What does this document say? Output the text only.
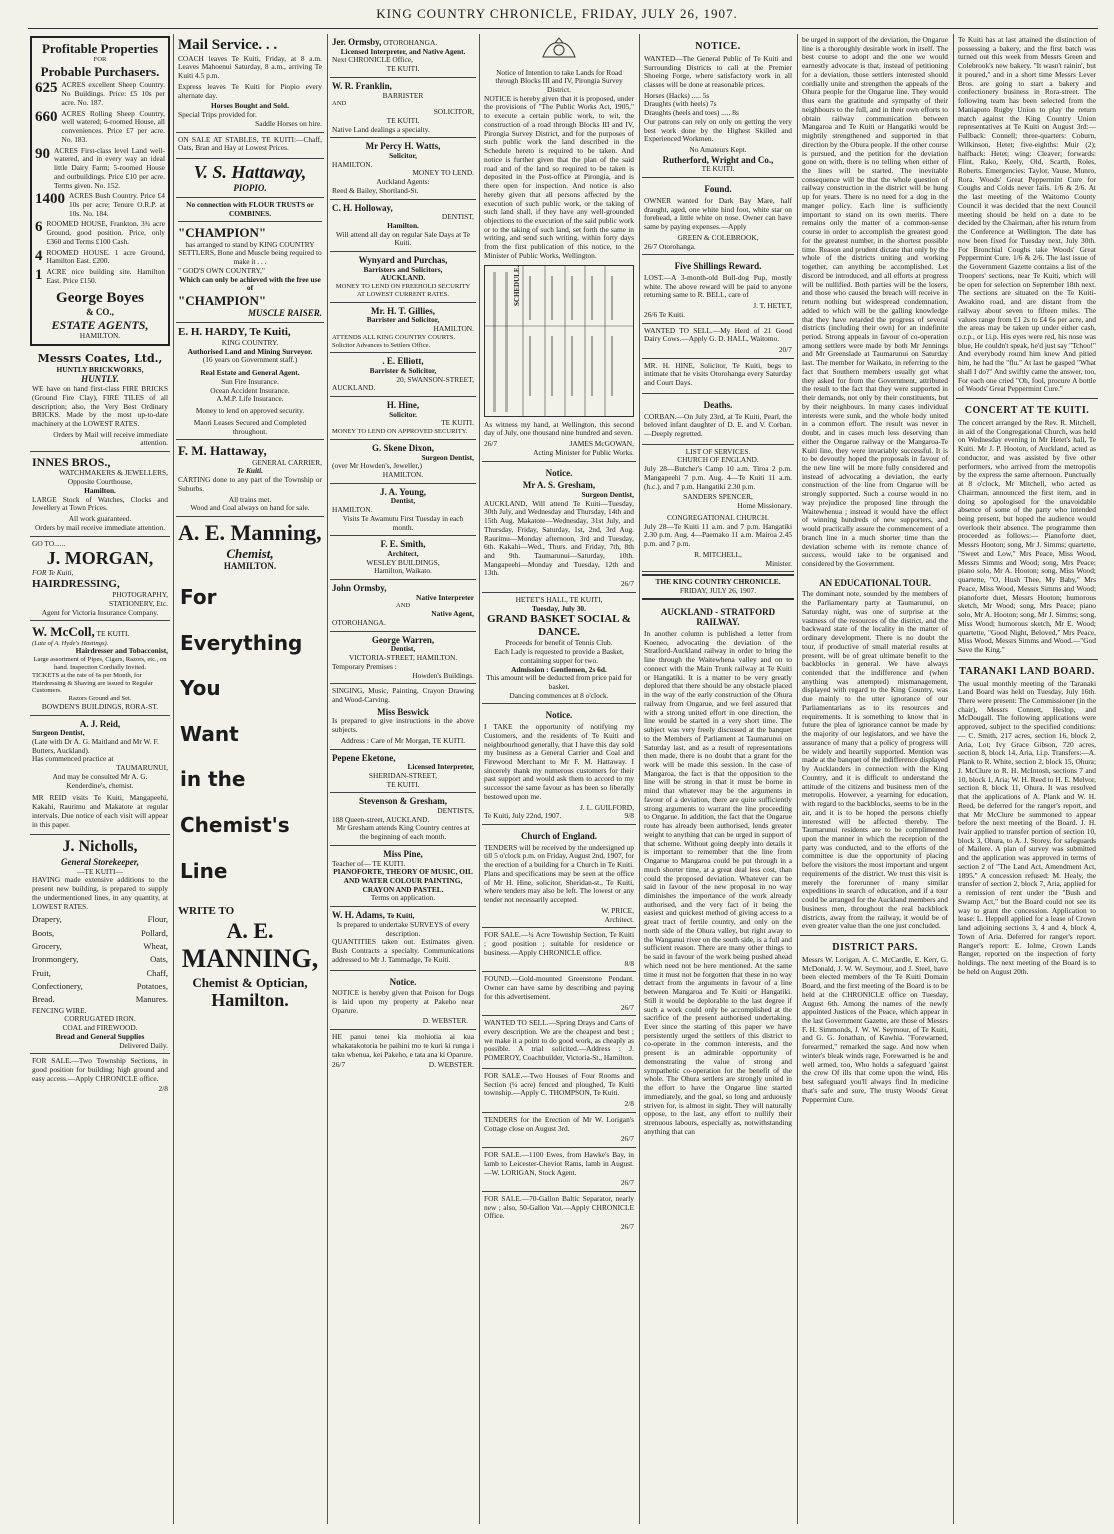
KING COUNTRY CHRONICLE, FRIDAY, JULY 26, 1907.
Profitable Properties
FOR
Probable Purchasers.
625 ACRES excellent Sheep Country. No Buildings. Price: £5 10s per acre. No. 187.
660 ACRES Rolling Sheep Country, well watered; 6-roomed House, all conveniences. Price £7 per acre. No. 183.
90 ACRES First-class level Land well-watered, and in every way an ideal little Dairy Farm; 5-roomed House and outbuildings. Price £10 per acre. Terms given. No. 152.
1400 ACRES Bush Country. Price £4 10s per acre; Tenure O.R.P. at 10s. No. 184.
6 ROOMED HOUSE, Frankton. 3¾ acre Ground, good position. Price, only £360 and Terms £100 Cash.
4 ROOMED HOUSE. 1 acre Ground, Hamilton East. £200.
1 ACRE nice building site. Hamilton East. Price £150.
George Boyes
& CO.,
ESTATE AGENTS,
HAMILTON.
Messrs Coates, Ltd.,
HUNTLY BRICKWORKS,
HUNTLY.
WE have on hand first-class FIRE BRICKS (Ground Fire Clay), FIRE TILES of all description; also, the Very Best Ordinary BRICKS. Made by the most up-to-date machinery at the LOWEST RATES.
Orders by Mail will receive immediate attention.
INNES BROS.,
WATCHMAKERS & JEWELLERS,
Opposite Courthouse,
Hamilton.
LARGE Stock of Watches, Clocks and Jewellery at Town Prices.
All work guaranteed.
Orders by mail receive immediate attention.
GO TO......
J. MORGAN,
FOR Te Kuiti,
HAIRDRESSING,
PHOTOGRAPHY,
STATIONERY, Etc.
Agent for Victoria Insurance Company.
W. McColl, TE KUITI.
(Late of A. Hyde's Hastings).
Hairdresser and Tobacconist,
Large assortment of Pipes, Cigars, Razors, etc., on hand. Inspection Cordially Invited.
TICKETS at the rate of 6s per Month, for Hairdressing & Shaving are issued to Regular Customers.
Razors Ground and Set.
BOWDEN'S BUILDINGS, RORA-ST.
A. J. Reid,
Surgeon Dentist,
(Late with Dr A. G. Maitland and Mr W. F. Butters, Auckland).
Has commenced practice at
TAUMARUNUI,
And may be consulted Mr A. G. Kenderdine's, chemist.
MR REID visits Te Kuiti, Mangapeehi, Kakahi, Raurimu and Makatote at regular intervals. Due notice of each visit will appear in this paper.
J. Nicholls,
General Storekeeper,
—TE KUITI—
HAVING made extensive additions to the present new building, is prepared to supply the undermentioned lines, in any quantity, at LOWEST RATES.
Drapery,	Flour,
Boots,	Pollard,
Grocery,	Wheat,
Ironmongery,	Oats,
Fruit,	Chaff,
Confectionery,	Potatoes,
Bread.	Manures.
FENCING WIRE.
CORRUGATED IRON.
COAL and FIREWOOD.
Bread and General Supplies
Delivered Daily.
FOR SALE.—Two Township Sections, in good position for building; high ground and easy access.—Apply CHRONICLE office.
2/8
Mail Service. . .
COACH leaves Te Kuiti, Friday, at 8 a.m. Leaves Mahoenui Saturday, 8 a.m., arriving Te Kuiti 4.5 p.m.
Express leaves Te Kuiti for Piopio every alternate day.
Horses Bought and Sold.
Special Trips provided for.
Saddle Horses on hire.
ON SALE AT STABLES, TE KUITI:—Chaff, Oats, Bran and Hay at Lowest Prices.
V. S. Hattaway,
PIOPIO.
No connection with FLOUR TRUSTS or COMBINES.
"CHAMPION"
has arranged to stand by KING COUNTRY SETTLERS, Bone and Muscle being required to make it . . .
" GOD'S OWN COUNTRY,"
Which can only be achieved with the free use of
"CHAMPION"
MUSCLE RAISER.
E. H. HARDY, Te Kuiti,
KING COUNTRY.
Authorised Land and Mining Surveyor.
(16 years on Government staff.)
Real Estate and General Agent.
Sun Fire Insurance.
Ocean Accident Insurance.
A.M.P. Life Insurance.
Money to lend on approved security.
Maori Leases Secured and Completed throughout.
F. M. Hattaway,
GENERAL CARRIER,
Te Kuiti.
CARTING done to any part of the Township or Suburbs.
All trains met.
Wood and Coal always on hand for sale.
A. E. Manning,
Chemist,
HAMILTON.
For
Everything
You
Want
in the
Chemist's
Line
WRITE TO
A. E.
MANNING,
Chemist & Optician,
Hamilton.
Jer. Ormsby, OTOROHANGA.
Licensed Interpreter, and Native Agent.
Next CHRONICLE Office,
TE KUITI.
W. R. Franklin,
BARRISTER
AND
SOLICITOR,
TE KUITI.
Native Land dealings a specialty.
Mr Percy H. Watts,
Solicitor,
HAMILTON.
MONEY TO LEND.
Auckland Agents:
Reed & Bailey, Shortland-St.
C. H. Holloway,
DENTIST,
Hamilton.
Will attend all day on regular Sale Days at Te Kuiti.
Wynyard and Purchas,
Barristers and Solicitors,
AUCKLAND.
MONEY TO LEND ON FREEHOLD SECURITY AT LOWEST CURRENT RATES.
Mr. H. T. Gillies,
Barrister and Solicitor,
HAMILTON.
ATTENDS ALL KING COUNTRY COURTS.
Solicitor Advances to Settlers Office.
. E. Elliott,
Barrister & Solicitor,
20, SWANSON-STREET,
AUCKLAND.
H. Hine,
Solicitor.
TE KUITI.
MONEY TO LEND ON APPROVED SECURITY.
G. Skene Dixon,
Surgeon Dentist,
(over Mr Howden's, Jeweller,)
HAMILTON.
J. A. Young,
Dentist,
HAMILTON.
Visits Te Awamutu First Tuesday in each month.
F. E. Smith,
Architect,
WESLEY BUILDINGS,
Hamilton, Waikato.
John Ormsby,
Native Interpreter
AND
Native Agent,
OTOROHANGA.
George Warren,
Dentist,
VICTORIA-STREET, HAMILTON.
Temporary Premises :
Howden's Buildings.
SINGING, Music, Painting, Crayon Drawing and Wood-Carving.
Miss Beswick
Is prepared to give instructions in the above subjects.
Address : Care of Mr Morgan, TE KUITI.
Pepene Eketone,
Licensed Interpreter,
SHERIDAN-STREET,
TE KUITI.
Stevenson & Gresham,
DENTISTS,
188 Queen-street, AUCKLAND.
Mr Gresham attends King Country centres at the beginning of each month.
Miss Pine,
Teacher of— TE KUITI.
PIANOFORTE, THEORY OF MUSIC, OIL AND WATER COLOUR PAINTING, CRAYON AND PASTEL.
Terms on application.
W. H. Adams, Te Kuiti,
Is prepared to undertake SURVEYS of every description.
QUANTITIES taken out. Estimates given. Bush Contracts a specialty. Communications addressed to Mr J. Tammadge, Te Kuiti.
Notice.
NOTICE is hereby given that Poison for Dogs is laid upon my property at Pakeho near Oparure.
D. WEBSTER.
HE panui tenei kia mohiotia ai kua whakatakotoria he paihini mo te kuri ki runga i taku whenua, kei Pakeho, e tata ana ki Oparure.
26/7	D. WEBSTER.
Notice of Intention to take Lands for Road through Blocks III and IV, Pirongia Survey District.
NOTICE is hereby given that it is proposed, under the provisions of "The Public Works Act, 1905," to execute a certain public work, to wit, the construction of a road through Blocks III and IV, Pirongia Survey District, and for the purposes of such public work the land described in the Schedule hereto is required to be taken. And notice is further given that the plan of the said road and of the land so required to be taken is deposited in the Post-office at Pirongia, and is there open for inspection. And notice is also hereby given that all persons affected by the execution of such public work, or the taking of such land shall, if they have any well-grounded objections to the execution of the said public work or to the taking of such land, set forth the same in writing, and send such writing, within forty days from the first publication of this notice, to the Minister of Public Works, Wellington.
SCHEDULE.
As witness my hand, at Wellington, this second day of July, one thousand nine hundred and seven.
26/7	JAMES McGOWAN,
Acting Minister for Public Works.
Notice.
Mr A. S. Gresham,
Surgeon Dentist,
AUCKLAND, Will attend Te Kuiti—Tuesday, 30th July, and Wednesday and Thursday, 14th and 15th Aug. Makatote—Wednesday, 31st July, and Thursday, Friday, Saturday, 1st, 2nd, 3rd Aug. Raurimu—Monday afternoon, 3rd and Tuesday, 6th. Kakahi—Wed., Thurs. and Friday, 7th, 8th and 9th. Taumarunui—Saturday, 10th. Mangapeehi—Monday and Tuesday, 12th and 13th.
26/7
HETET'S HALL, TE KUITI,
Tuesday, July 30.
GRAND BASKET SOCIAL & DANCE.
Proceeds for benefit of Tennis Club.
Each Lady is requested to provide a Basket, containing supper for two.
Admission : Gentlemen, 2s 6d.
This amount will be deducted from price paid for basket.
Dancing commences at 8 o'clock.
Notice.
I TAKE the opportunity of notifying my Customers, and the residents of Te Kuiti and neighbourhood generally, that I have this day sold my business as a General Carrier and Coal and Firewood Merchant to Mr F. M. Hattaway. I sincerely thank my numerous customers for their past support and would ask them to accord to my successor the same favour as has been so liberally bestowed upon me.
J. L. GUILFORD,
Te Kuiti, July 22nd, 1907.	9/8
Church of England.
TENDERS will be received by the undersigned up till 5 o'clock p.m. on Friday, August 2nd, 1907, for the erection of a building for a Church in Te Kuiti. Plans and specifications may be seen at the office of Mr H. Hine, solicitor, Sheridan-st., Te Kuiti, where tenders may also be left. The lowest or any tender not necessarily accepted.
W. PRICE,
Architect.
FOR SALE.—¼ Acre Township Section, Te Kuiti ; good position ; suitable for residence or business.—Apply CHRONICLE office.
8/8
FOUND.—Gold-mounted Greenstone Pendant. Owner can have same by describing and paying for this advertisement.
26/7
WANTED TO SELL.—Spring Drays and Carts of every description. We are the cheapest and best ; we make it a point to do good work, as cheaply as possible. A trial solicited.—Address : J. POMEROY, Coachbuilder, Victoria-St., Hamilton.
FOR SALE.—Two Houses of Four Rooms and Section (¼ acre) fenced and ploughed, Te Kuiti township.—Apply C. THOMPSON, Te Kuiti.
2/8
TENDERS for the Erection of Mr W. Lorigan's Cottage close on August 3rd.
26/7
FOR SALE.—1100 Ewes, from Hawke's Bay, in lamb to Leicester-Cheviot Rams, lamb in August.—W. LORIGAN, Stock Agent.
26/7
FOR SALE.—70-Gallon Baltic Separator, nearly new ; also, 50-Gallon Vat.—Apply CHRONICLE Office.
26/7
NOTICE.
WANTED—The General Public of Te Kuiti and Surrounding Districts to call at the Premier Shoeing Forge, where satisfactory work in all classes will be done at reasonable prices.
Horses (Hacks) ..... 5s
Draughts (with heels) 7s
Draughts (heels and toes) ..... 8s
Our patrons can rely on only on getting the very best work done by the Highest Skilled and Experienced Workmen.
No Amateurs Kept.
Rutherford, Wright and Co.,
TE KUITI.
Found.
OWNER wanted for Dark Bay Mare, half draught, aged, one white hind foot, white star on forehead, a little white on nose. Owner can have same by paying expenses.—Apply
GREEN & COLEBROOK,
26/7 Otorohanga.
Five Shillings Reward.
LOST.—A 3-month-old Bull-dog Pup, mostly white. The above reward will be paid to anyone returning same to R. BELL, care of
J. T. HETET,
26/6 Te Kuiti.
WANTED TO SELL.—My Herd of 21 Good Dairy Cows.—Apply G. D. HALL, Waitomo.
20/7
MR. H. HINE, Solicitor, Te Kuiti, begs to intimate that he visits Otorohanga every Saturday and Court Days.
Deaths.
CORBAN.—On July 23rd, at Te Kuiti, Pearl, the beloved infant daughter of D. E. and V. Corban.—Deeply regretted.
LIST OF SERVICES.
CHURCH OF ENGLAND.
July 28—Butcher's Camp 10 a.m. Tiroa 2 p.m. Mangapeehi 7 p.m. Aug. 4—Te Kuiti 11 a.m. (h.c.), and 7 p.m. Hangatiki 2.30 p.m.
SANDERS SPENCER,
Home Missionary.
CONGREGATIONAL CHURCH.
July 28—Te Kuiti 11 a.m. and 7 p.m. Hangatiki 2.30 p.m. Aug. 4—Paemako 11 a.m. Mairoa 2.45 p.m. and 7 p.m.
R. MITCHELL,
Minister.
THE KING COUNTRY CHRONICLE.
FRIDAY, JULY 26, 1907.
AUCKLAND - STRATFORD RAILWAY.
In another column is published a letter from Koeneo, advocating the deviation of the Stratford-Auckland railway in order to bring the line through the Waitewhena valley and on to connect with the Main Trunk railway at Te Kuiti or Hangatiki. It is a matter to be very greatly deplored that there should be any obstacle placed in the way of the early construction of the Ohura railway from Ongarue, and we feel assured that with a strong united effort in one direction, the line would be started in a very short time. The subject was very freely discussed at the banquet to the Members of Parliament at Taumarunui on Saturday last, and as a result of representations then made, there is no doubt that a grant for the work will be made this session. In the case of Mangaroa, the fact is that the opposition to the line will be strong in that it must be borne in mind that whatever may be the arguments in favour of a deviation, there are quite sufficiently strong arguments to warrant the line proceeding to Ongarue. In addition, the fact that the Ongarue route has already been authorised, lends greater weight to anything that can be urged in support of that scheme. Without going deeply into details it is important to remember that the line from Ongarue to Mangaroa could be put through in a much shorter time, at a great deal less cost, than could the proposed deviation. Whatever can be said in favour of the new proposal in no way diminishes the importance of the work already authorised, and the very fact of it being the easiest and quickest method of giving access to a great tract of fertile country, and only on the north side of the Ohura valley, but right away to the Wanganui river on the south side, is a full and sufficient reason. There are many other things to be said in favour of the work being pushed ahead which need not be here mentioned. At the same time it must not be forgotten that these in no way detract from the arguments in favour of a line between Mangaroa and Te Kuiti or Hangatiki. Still it would be deplorable to the last degree if such a work could only be accomplished at the sacrifice of the present authorised undertaking. Ever since the starting of this paper we have persistently urged the settlers of this district to co-operate in the common interests, and the present is an admirable opportunity of demonstrating the value of strong and sympathetic co-operation for the benefit of the whole. The Ohura settlers are strongly united in the effort to have the Ongarue line started immediately, and the goal, so long and arduously striven for, is almost in sight. They will naturally oppose, to the last, any effort to nullify their strenuous labours, especially as, notwithstanding anything that can
be urged in support of the deviation, the Ongarue line is a thoroughly desirable work in itself. The best course to adopt and the one we would earnestly advocate is that, instead of petitioning for a deviation, those settlers interested should cordially unite and strengthen the appeals of the Ohura people for the Ongarue line. They would thus earn the gratitude and sympathy of their neighbours to the full, and in their own efforts to obtain railway communication between Mangaroa and Te Kuiti or Hangatiki would be mightily strengthened and supported in that direction by the Ohura people. If the other course is pursued, and the petition for the deviation gone on with, there is no telling when either of the lines will be started. The inevitable consequence will be that the whole question of railway construction in the district will be hung up for years. There is no need for a dog in the manger policy. Each line is sufficiently important to stand on its own merits. There remains only the matter of a common-sense course in order to accomplish the greatest good for the greatest number, in the shortest possible time. Reason and prudent dictate that only by the whole of the districts uniting and working together, can anything be accomplished. Let discord be introduced, and all efforts at progress will be nullified. Both parties will be the losers, and those who caused the breach will receive in return nothing but widespread condemnation, added to which will be the galling knowledge that they have retarded the progress of several districts (including their own) for an indefinite period. Strong appeals in favour of co-operation among settlers were made by both Mr Jennings and Mr Greenslade at Taumarunui on Saturday last. The member for Waikato, in referring to the fact that Southern members usually got what they asked for from the Government, attributed the result to the fact that they were supported in their demands, not only by their constituents, but by their neighbours. In many cases individual interests were sunk, and the whole body united in a common effort. The result was never in doubt, and in cases much less deserving than either the Ongarue railway or the Mangaroa-Te Kuiti line, they were invariably successful. It is to be devoutly hoped the proposals in favour of the new line will be more fully considered and instead of advocating a deviation, the early construction of the line from Ongarue will be strongly supported. Such a course would in no way prejudice the proposed line through the Waitewhenua ; instead it would have the effect of winning hundreds of new supporters, and would practically assure the commencement of a branch line in a much shorter time than the deviation scheme with its remote chance of success, would take to be organised and considered by the Government.
AN EDUCATIONAL TOUR.
The dominant note, sounded by the members of the Parliamentary party at Taumarunui, on Saturday night, was one of surprise at the vastness of the resources of the district, and the backward state of the locality in the matter of ordinary development. There is no doubt the tour, if productive of small material results at present, will be of great ultimate benefit to the backblocks in general. We have always contended that the indifference and (when anything was attempted) mismanagement, displayed with regard to the King Country, was due mainly to the utter ignorance of our Parliamentarians as to its resources and requirements. It is something to know that in future the plea of ignorance cannot be made by the majority of our legislators, and we have the assurance of many that a policy of progress will be widely and heartily supported. Mention was made at the banquet of the indifference displayed by Aucklanders in connection with the King Country, and it is difficult to understand the attitude of the citizens and business men of the metropolis. However, a yearning for education, with regard to the backblocks, seems to be in the air, and it is to be hoped the persons chiefly interested will be affected thereby. The Taumarunui residents are to be complimented upon the manner in which the reception of the party was conducted, and to the efforts of the committee is due the opportunity of placing before the visitors the most important and urgent requirements of the district. We trust this visit is merely the forerunner of many similar expeditions in search of education, and if a tour could be arranged for the Auckland members and business men, throughout the real backblock districts, away from the railway, it would be of even greater value than the one just concluded.
DISTRICT PARS.
Messrs W. Lorigan, A. C. McCardle, E. Kerr, G. McDonald, J. W. W. Seymour, and J. Steel, have been elected members of the Te Kuiti Domain Board, and the first meeting of the Board is to be held at the CHRONICLE office on Tuesday, August 6th. Among the names of the newly appointed Justices of the Peace, which appear in the last Government Gazette, are those of Messrs F. H. Simmonds, J. W. W. Seymour, of Te Kuiti, and G. G. Jonathan, of Kawhia. "Forewarned, forearmed," remarked the sage. And now when winter's bleak winds rage, Forewarned is he and well armed, too, Who holds a safeguard 'gainst the crew Of ills that come upon the wind, His best safeguard you'll always find In medicine that's safe and sure, The trusty Woods' Great Peppermint Cure.
Te Kuiti has at last attained the distinction of possessing a bakery, and the first batch was turned out this week from Messrs Green and Colebrook's new bakery. "It wasn't rainin', but it poured," and in a short time Messrs Lever Bros. are going to start a bakery and confectionery business in Rora-street. The following team has been selected from the Maniapoto Rugby Union to play the return match against the King Country Union representatives at Te Kuiti on August 3rd:—Fullback: Connell; three-quarters: Coburn, Wilkinson, Hetet; five-eighths: Muir (2); halfback: Hetet; wing: Cleaver; forwards: Flint, Rako, Keely, Old, Scarth, Roles, Roberts. Emergencies: Taylor, Vause, Munro, Rora. Woods' Great Peppermint Cure for Coughs and Colds never fails. 1/6 & 2/6. At the last meeting of the Waitomo County Council it was decided that the next Council meeting should be held on a date to be decided by the Chairman, after his return from the Conference at Wellington. The date has now been fixed for Tuesday next, July 30th. For Bronchial Coughs take Woods' Great Peppermint Cure. 1/6 & 2/6. The last issue of the Government Gazette contains a list of the Troopers' sections, near Te Kuiti, which will be open for selection on September 18th next. The sections are situated on the Te Kuiti-Awakino road, and are distant from the railway about seven to fifteen miles. The values range from £1 2s to £4 6s per acre, and the areas may be taken up under either cash, o.r.p., or l.i.p. His eyes were red, his nose was blue, He couldn't speak, he'd just say "Tchoo!" And everybody round him knew And pitied him, he had the "flu." At last he gasped "What shall I do?" And swiftly came the answer, too, For each one cried "Oh, fool, procure A bottle of Woods' Great Peppermint Cure."
CONCERT AT TE KUITI.
The concert arranged by the Rev. R. Mitchell, in aid of the Congregational Church, was held on Wednesday evening in Mr Hetet's hall, Te Kuiti. Mr J. P. Hooton, of Auckland, acted as conductor, and was assisted by five other performers, who arrived from the metropolis by the express the same afternoon. Punctually at 8 o'clock, Mr Mitchell, who acted as Chairman, announced the first item, and in doing so apologised for the unavoidable absence of some of the party who intended being present, but hoped the audience would overlook their absence. The programme then proceeded as follows:— Pianoforte duet, Messrs Hooton; song, Mr J. Simms; quartette, "Sweet and Low," Mrs Peace, Miss Wood, Messrs Simms and Wood; song, Mrs Peace; piano solo, Mr A. Hooton; song, Miss Wood; quartette, "O, Hush Thee, My Baby," Mrs Peace, Miss Wood, Messrs Simms and Wood; pianoforte duet, Messrs Hooton; humorous sketch, Mr Wood; song, Mrs Peace; piano solo, Mr A. Hooton; song, Mr J. Simms; song, Miss Wood; humorous sketch, Mr E. Wood; quartette, "Good Night, Beloved," Mrs Peace, Miss Wood, Messrs Simms and Wood.—"God Save the King."
TARANAKI LAND BOARD.
The usual monthly meeting of the Taranaki Land Board was held on Tuesday, July 16th. There were present: The Commissioner (in the chair), Messrs Connett, Heslop, and McDougall. The following applications were approved, subject to the specified conditions:— C. Smith, 217 acres, section 16, block 2, Aria, Lot; Ivy Grace Gibson, 720 acres, section 8, block 14, Aria, l.i.p. Transfers:—A. Plank to R. White, section 2, block 15, Ohura; J. McClure to R. H. McIntosh, sections 7 and 10, block 1, Aria; W. H. Reed to H. E. Melvor, section 8, block 11, Ohura. It was resolved that the applications of A. Plank and W. H. Reed, be deferred for the ranger's report, and that Mr McClure be summoned to appear before the next meeting of the Board. J. H. Ivair applied to transfer portion of section 10, block 3, Ohura, to A. J. Storey, for safeguards of Mailere. A plan of survey was submitted and the application was approved in terms of section 2 of "The Land Act, Amendment Act, 1895." A concession refused: M. Healy, the transfer of section 2, block 7, Aria, applied for a remission of rent under the "Bush and Swamp Act," but the Board could not see its way to grant the concession. Application to lease: L. Heppell applied for a lease of Crown land adjoining sections 3, 4 and 4, block 4, Town of Aria. Deferred for ranger's report. Ranger's report: E. Iolme, Crown Lands Ranger, reported on the inspection of forty holdings. The next meeting of the Board is to be held on August 20th.
